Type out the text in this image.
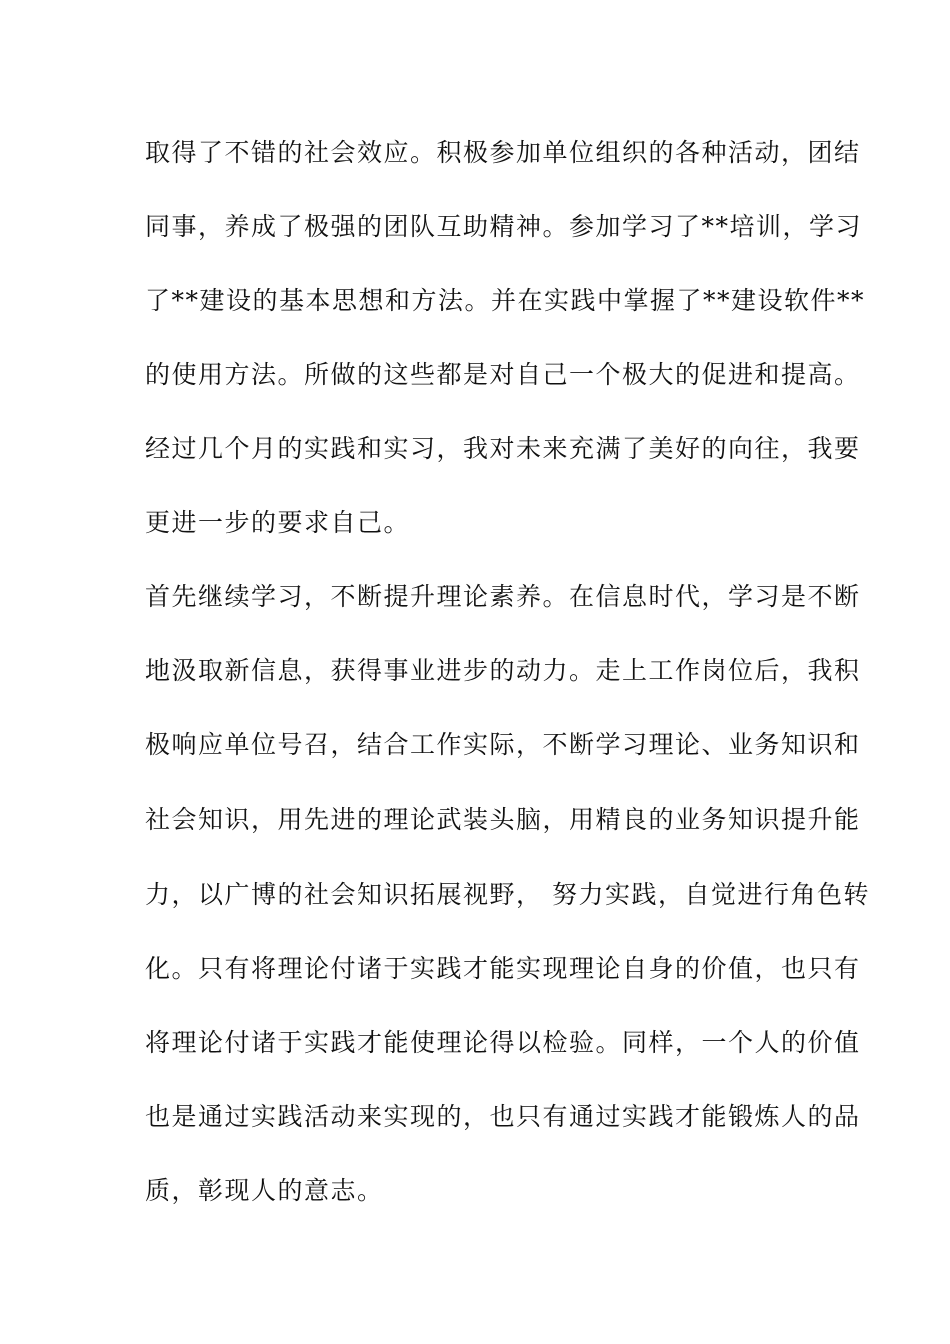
取得了不错的社会效应。积极参加单位组织的各种活动，团结
同事，养成了极强的团队互助精神。参加学习了**培训，学习
了**建设的基本思想和方法。并在实践中掌握了**建设软件**
的使用方法。所做的这些都是对自己一个极大的促进和提高。
经过几个月的实践和实习，我对未来充满了美好的向往，我要
更进一步的要求自己。
首先继续学习，不断提升理论素养。在信息时代，学习是不断
地汲取新信息，获得事业进步的动力。走上工作岗位后，我积
极响应单位号召，结合工作实际，不断学习理论、业务知识和
社会知识，用先进的理论武装头脑，用精良的业务知识提升能
力，以广博的社会知识拓展视野， 努力实践，自觉进行角色转
化。只有将理论付诸于实践才能实现理论自身的价值，也只有
将理论付诸于实践才能使理论得以检验。同样，一个人的价值
也是通过实践活动来实现的，也只有通过实践才能锻炼人的品
质，彰现人的意志。
